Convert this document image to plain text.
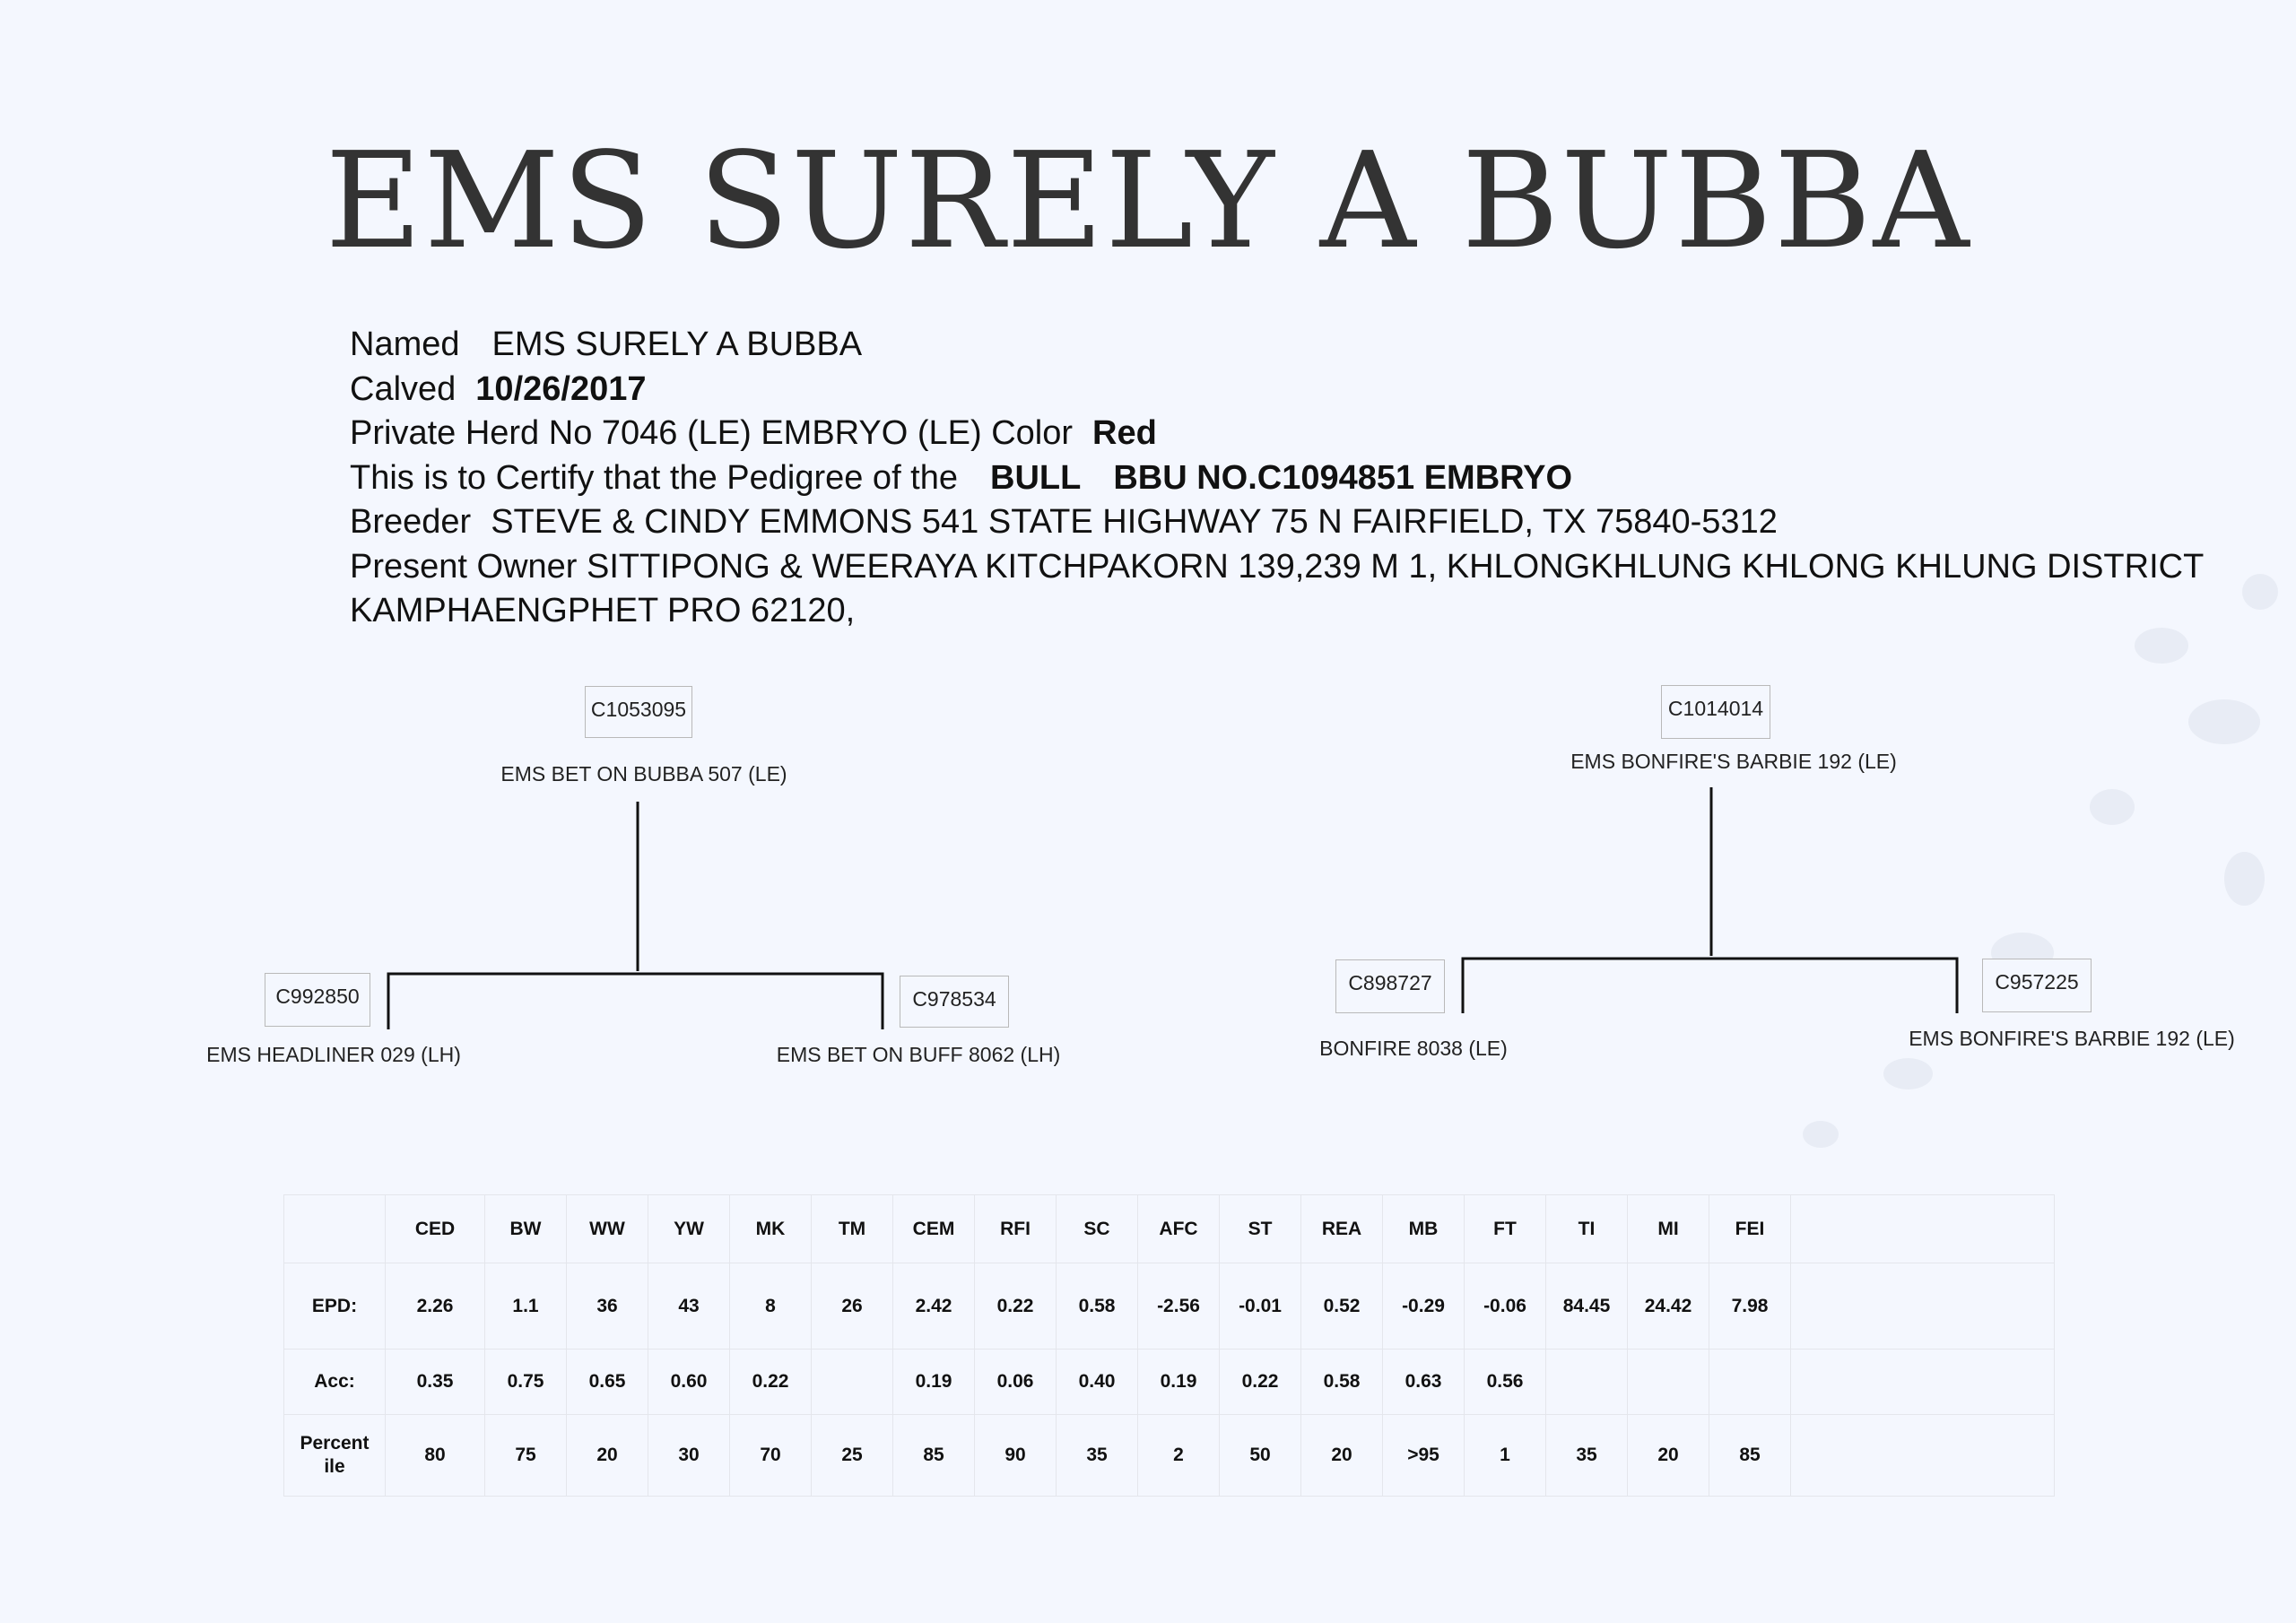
EMS SURELY A BUBBA
Named EMS SURELY A BUBBA
Calved 10/26/2017
Private Herd No 7046 (LE) EMBRYO (LE) Color Red
This is to Certify that the Pedigree of the BULL BBU NO.C1094851 EMBRYO
Breeder STEVE & CINDY EMMONS 541 STATE HIGHWAY 75 N FAIRFIELD, TX 75840-5312
Present Owner SITTIPONG & WEERAYA KITCHPAKORN 139,239 M 1, KHLONGKHLUNG KHLONG KHLUNG DISTRICT
KAMPHAENGPHET PRO 62120,
C1053095
EMS BET ON BUBBA 507 (LE)
C992850
EMS HEADLINER 029 (LH)
C978534
EMS BET ON BUFF 8062 (LH)
C1014014
EMS BONFIRE'S BARBIE 192 (LE)
C898727
BONFIRE 8038 (LE)
C957225
EMS BONFIRE'S BARBIE 192 (LE)
	CED	BW	WW	YW	MK	TM	CEM	RFI	SC	AFC	ST	REA	MB	FT	TI	MI	FEI	
EPD:	2.26	1.1	36	43	8	26	2.42	0.22	0.58	-2.56	-0.01	0.52	-0.29	-0.06	84.45	24.42	7.98	
Acc:	0.35	0.75	0.65	0.60	0.22		0.19	0.06	0.40	0.19	0.22	0.58	0.63	0.56				
Percent
ile	80	75	20	30	70	25	85	90	35	2	50	20	>95	1	35	20	85	
